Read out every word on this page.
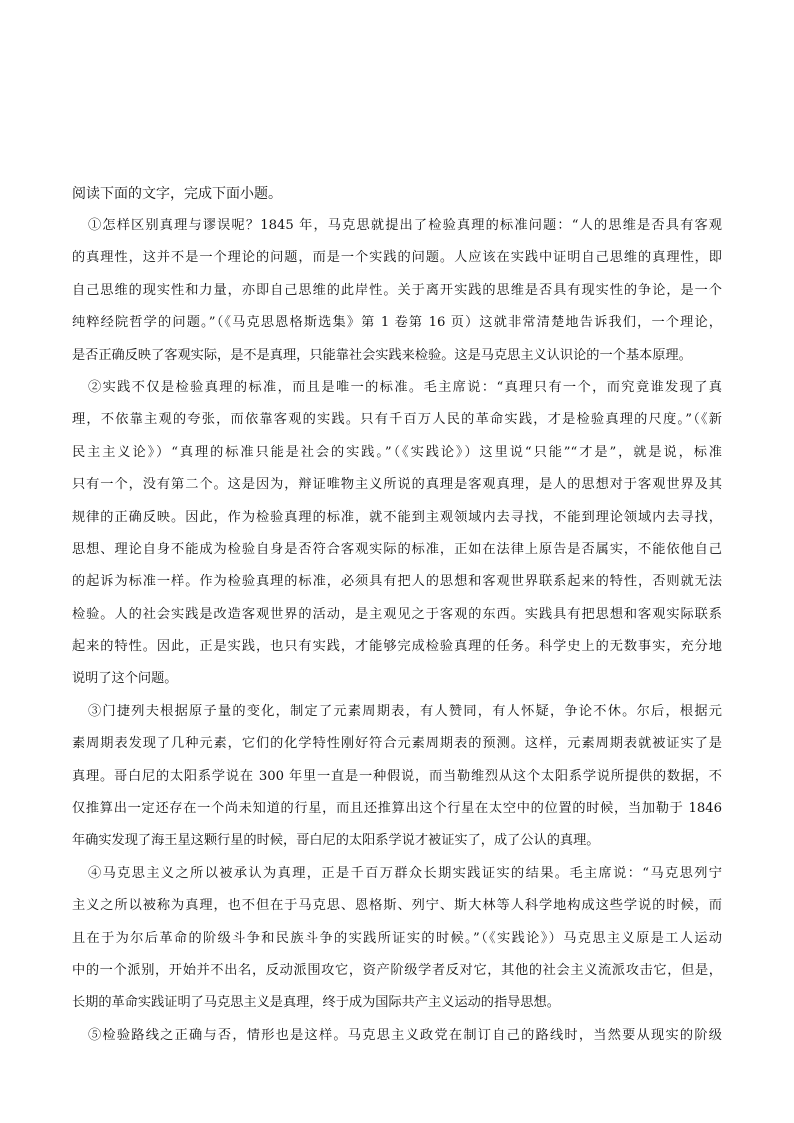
阅读下面的文字，完成下面小题。

①怎样区别真理与谬误呢？1845 年，马克思就提出了检验真理的标准问题：“人的思维是否具有客观
的真理性，这并不是一个理论的问题，而是一个实践的问题。人应该在实践中证明自己思维的真理性，即
自己思维的现实性和力量，亦即自己思维的此岸性。关于离开实践的思维是否具有现实性的争论，是一个
纯粹经院哲学的问题。”（《马克思恩格斯选集》第 1 卷第 16 页）这就非常清楚地告诉我们，一个理论，
是否正确反映了客观实际，是不是真理，只能靠社会实践来检验。这是马克思主义认识论的一个基本原理。
②实践不仅是检验真理的标准，而且是唯一的标准。毛主席说：“真理只有一个，而究竟谁发现了真
理，不依靠主观的夸张，而依靠客观的实践。只有千百万人民的革命实践，才是检验真理的尺度。”（《新
民主主义论》）“真理的标准只能是社会的实践。”（《实践论》）这里说“只能”“才是”，就是说，标准
只有一个，没有第二个。这是因为，辩证唯物主义所说的真理是客观真理，是人的思想对于客观世界及其
规律的正确反映。因此，作为检验真理的标准，就不能到主观领域内去寻找，不能到理论领域内去寻找，
思想、理论自身不能成为检验自身是否符合客观实际的标准，正如在法律上原告是否属实，不能依他自己
的起诉为标准一样。作为检验真理的标准，必须具有把人的思想和客观世界联系起来的特性，否则就无法
检验。人的社会实践是改造客观世界的活动，是主观见之于客观的东西。实践具有把思想和客观实际联系
起来的特性。因此，正是实践，也只有实践，才能够完成检验真理的任务。科学史上的无数事实，充分地
说明了这个问题。
③门捷列夫根据原子量的变化，制定了元素周期表，有人赞同，有人怀疑，争论不休。尔后，根据元
素周期表发现了几种元素，它们的化学特性刚好符合元素周期表的预测。这样，元素周期表就被证实了是
真理。哥白尼的太阳系学说在 300 年里一直是一种假说，而当勒维烈从这个太阳系学说所提供的数据，不
仅推算出一定还存在一个尚未知道的行星，而且还推算出这个行星在太空中的位置的时候，当加勒于 1846
年确实发现了海王星这颗行星的时候，哥白尼的太阳系学说才被证实了，成了公认的真理。
④马克思主义之所以被承认为真理，正是千百万群众长期实践证实的结果。毛主席说：“马克思列宁
主义之所以被称为真理，也不但在于马克思、恩格斯、列宁、斯大林等人科学地构成这些学说的时候，而
且在于为尔后革命的阶级斗争和民族斗争的实践所证实的时候。”（《实践论》）马克思主义原是工人运动
中的一个派别，开始并不出名，反动派围攻它，资产阶级学者反对它，其他的社会主义流派攻击它，但是，
长期的革命实践证明了马克思主义是真理，终于成为国际共产主义运动的指导思想。
⑤检验路线之正确与否，情形也是这样。马克思主义政党在制订自己的路线时，当然要从现实的阶级
